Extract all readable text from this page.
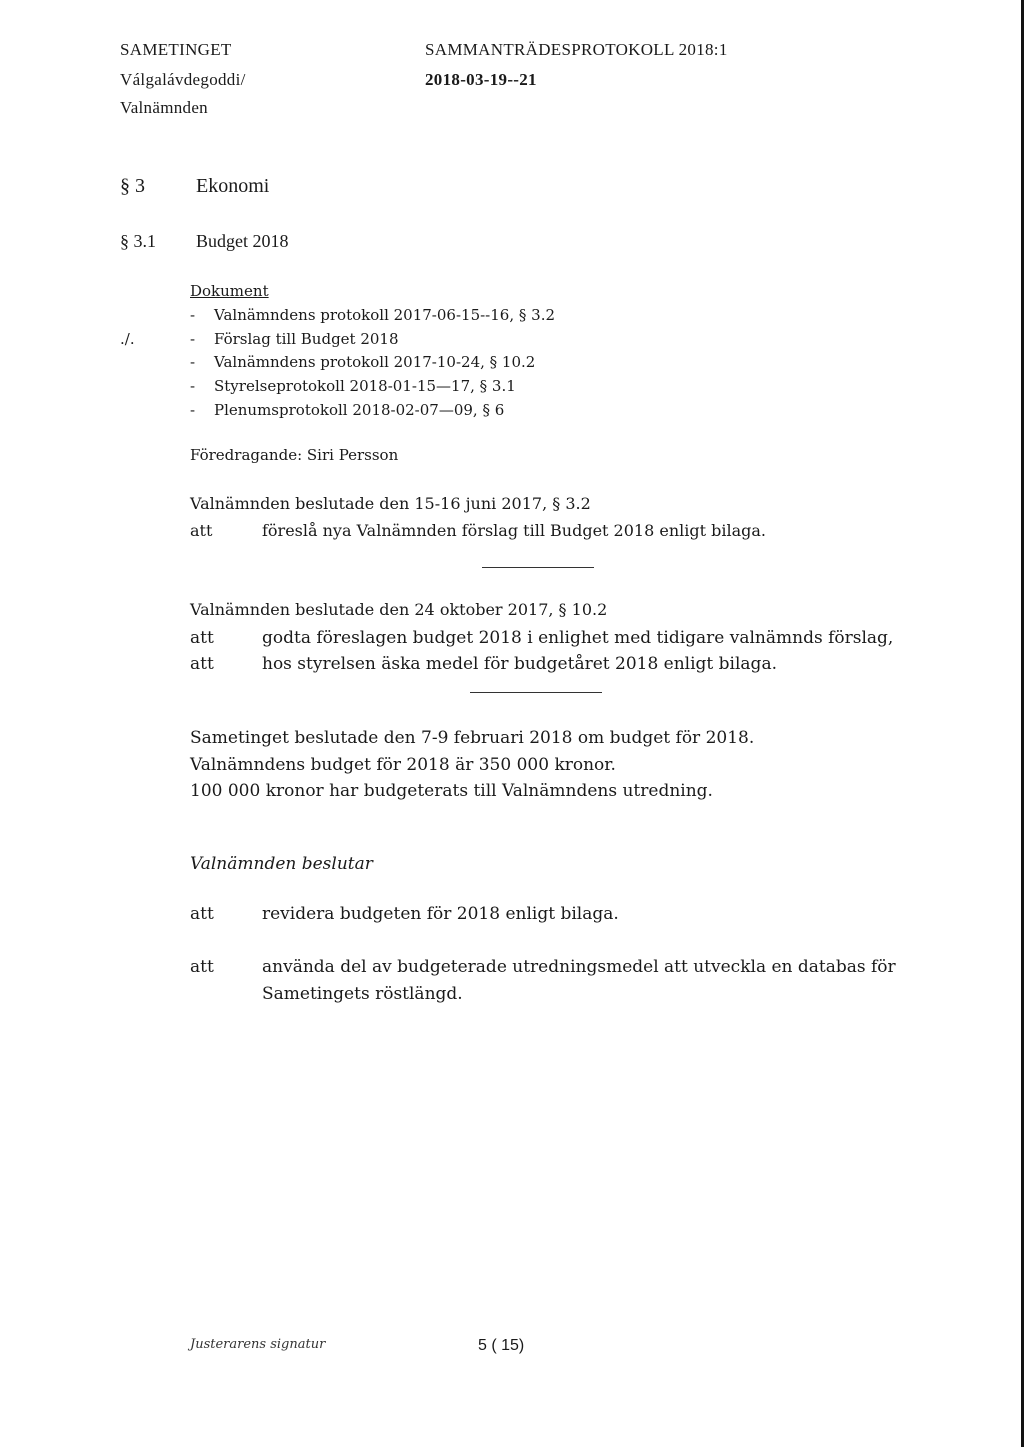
SAMETINGET
Válgalávdegoddi/
Valnämnden
SAMMANTRÄDESPROTOKOLL 2018:1
2018-03-19--21
§ 3	Ekonomi
§ 3.1 Budget 2018
Dokument
./.
- Valnämndens protokoll 2017-06-15--16, § 3.2
- Förslag till Budget 2018
- Valnämndens protokoll 2017-10-24, § 10.2
- Styrelseprotokoll 2018-01-15—17, § 3.1
- Plenumsprotokoll 2018-02-07—09, § 6
Föredragande: Siri Persson
Valnämnden beslutade den 15-16 juni 2017, § 3.2
att	föreslå nya Valnämnden förslag till Budget 2018 enligt bilaga.
Valnämnden beslutade den 24 oktober 2017, § 10.2
att	godta föreslagen budget 2018 i enlighet med tidigare valnämnds förslag,
att	hos styrelsen äska medel för budgetåret 2018 enligt bilaga.
Sametinget beslutade den 7-9 februari 2018 om budget för 2018.
Valnämndens budget för 2018 är 350 000 kronor.
100 000 kronor har budgeterats till Valnämndens utredning.
Valnämnden beslutar
att	revidera budgeten för 2018 enligt bilaga.
att	använda del av budgeterade utredningsmedel att utveckla en databas för
Sametingets röstlängd.
Justerarens signatur	5 ( 15)
